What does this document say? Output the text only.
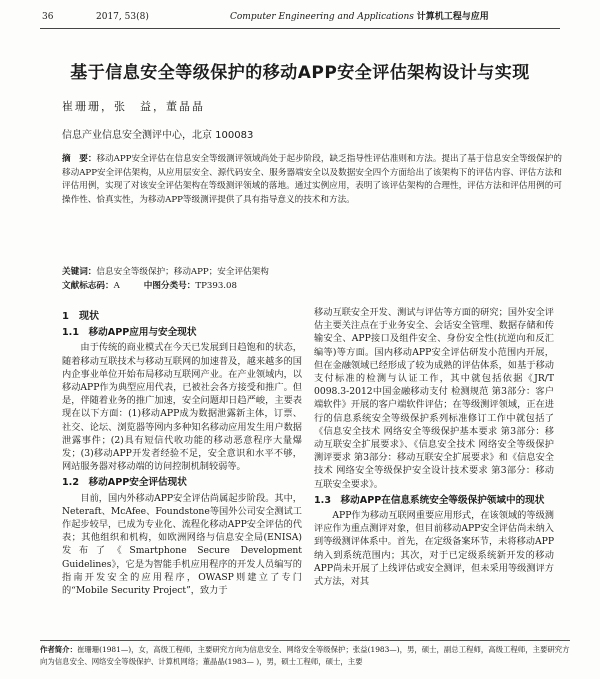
36	2017, 53(8)	Computer Engineering and Applications 计算机工程与应用
基于信息安全等级保护的移动APP安全评估架构设计与实现
崔珊珊，张　益，董晶晶
信息产业信息安全测评中心，北京 100083
摘　要：移动APP安全评估在信息安全等级测评领域尚处于起步阶段，缺乏指导性评估准则和方法。提出了基于信息安全等级保护的移动APP安全评估架构，从应用层安全、源代码安全、服务器端安全以及数据安全四个方面给出了该架构下的评估内容、评估方法和评估用例，实现了对该安全评估架构在等级测评领域的落地。通过实例应用，表明了该评估架构的合理性，评估方法和评估用例的可操作性、恰真实性，为移动APP等级测评提供了具有指导意义的技术和方法。
关键词：信息安全等级保护；移动APP；安全评估架构
文献标志码：A	中图分类号：TP393.08
1　现状
1.1　移动APP应用与安全现状

由于传统的商业模式在今天已发展到日趋饱和的状态，随着移动互联技术与移动互联网的加速普及，越来越多的国内企事业单位开始布局移动互联网产业。在产业领域内，以移动APP作为典型应用代表，已被社会各方接受和推广。但是，伴随着业务的推广加速，安全问题却日趋严峻，主要表现在以下方面：(1)移动APP成为数据泄露新主体，订票、社交、论坛、浏览器等网内多种知名移动应用发生用户数据泄露事件；(2)具有短信代收功能的移动恶意程序大量爆发；(3)移动APP开发者经验不足，安全意识和水平不够，网站服务器对移动端的访问控制机制较弱等。

1.2　移动APP安全评估现状

目前，国内外移动APP安全评估尚属起步阶段。其中，Neteraft、McAfee、Foundstone等国外公司安全测试工作起步较早，已成为专业化、流程化移动APP安全评估的代表；其他组织和机构，如欧洲网络与信息安全局(ENISA)发布了《Smartphone Secure Development Guidelines》，它是为智能手机应用程序的开发人员编写的指南开发安全的应用程序，OWASP则建立了专门的“Mobile Security Project”，致力于

移动互联安全开发、测试与评估等方面的研究；国外安全评估主要关注点在于业务安全、会话安全管理、数据存储和传输安全、APP接口及组件安全、身份安全性(抗逆向和反汇编等)等方面。国内移动APP安全评估研发小范围内开展，但在金融领域已经形成了较为成熟的评估体系，如基于移动支付标准的检测与认证工作，其中就包括依据《JR/T 0098.3-2012中国金融移动支付 检测规范 第3部分：客户端软件》开展的客户端软件评估；在等级测评领域，正在进行的信息系统安全等级保护系列标准修订工作中就包括了《信息安全技术 网络安全等级保护基本要求 第3部分：移动互联安全扩展要求》、《信息安全技术 网络安全等级保护测评要求 第3部分：移动互联安全扩展要求》和《信息安全技术 网络安全等级保护安全设计技术要求 第3部分：移动互联安全要求》。

1.3　移动APP在信息系统安全等级保护领域中的现状

APP作为移动互联网重要应用形式，在该领域的等级测评应作为重点测评对象，但目前移动APP安全评估尚未纳入到等级测评体系中。首先，在定级备案环节，未将移动APP纳入到系统范围内；其次，对于已定级系统新开发的移动APP尚未开展了上线评估或安全测评，但未采用等级测评方式方法，对其

作者简介：崔珊珊(1981—)，女，高级工程师，主要研究方向为信息安全、网络安全等级保护；张益(1983—)，男，硕士，副总工程师，高级工程师，主要研究方向为信息安全、网络安全等级保护、计算机网络；董晶晶(1983— )，男，硕士工程师，硕士，主要
